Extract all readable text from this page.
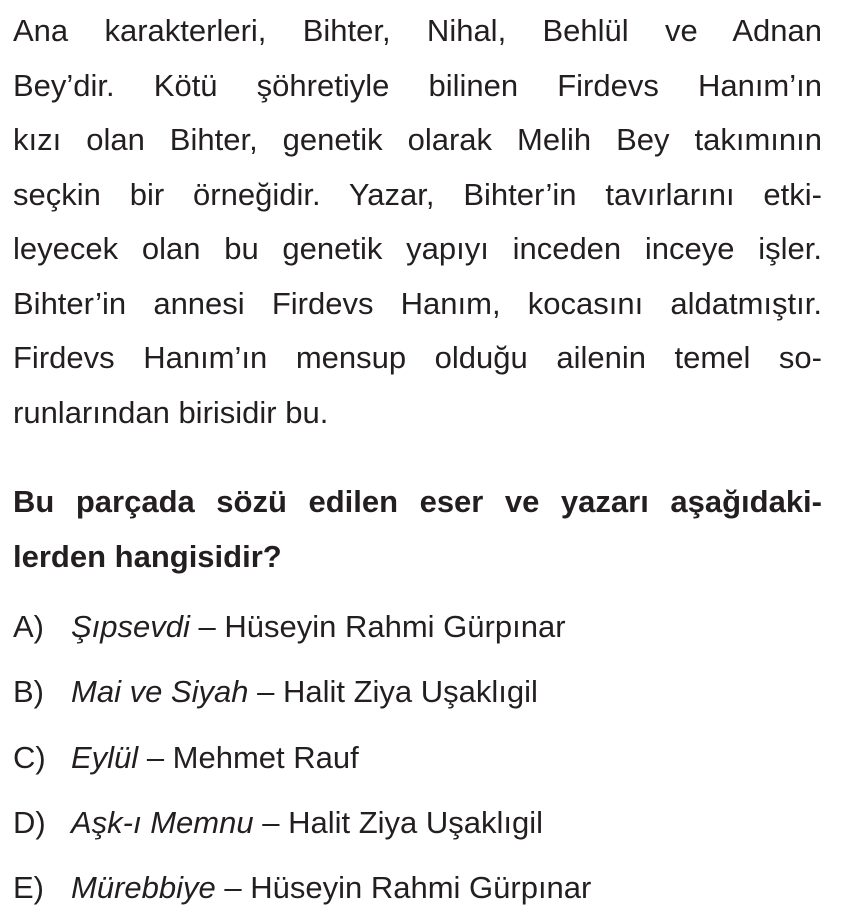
Ana karakterleri, Bihter, Nihal, Behlül ve Adnan
Bey’dir. Kötü şöhretiyle bilinen Firdevs Hanım’ın
kızı olan Bihter, genetik olarak Melih Bey takımının
seçkin bir örneğidir. Yazar, Bihter’in tavırlarını etki-
leyecek olan bu genetik yapıyı inceden inceye işler.
Bihter’in annesi Firdevs Hanım, kocasını aldatmıştır.
Firdevs Hanım’ın mensup olduğu ailenin temel so-
runlarından birisidir bu.

Bu parçada sözü edilen eser ve yazarı aşağıdaki-
lerden hangisidir?

A) Şıpsevdi – Hüseyin Rahmi Gürpınar
B) Mai ve Siyah – Halit Ziya Uşaklıgil
C) Eylül – Mehmet Rauf
D) Aşk-ı Memnu – Halit Ziya Uşaklıgil
E) Mürebbiye – Hüseyin Rahmi Gürpınar
